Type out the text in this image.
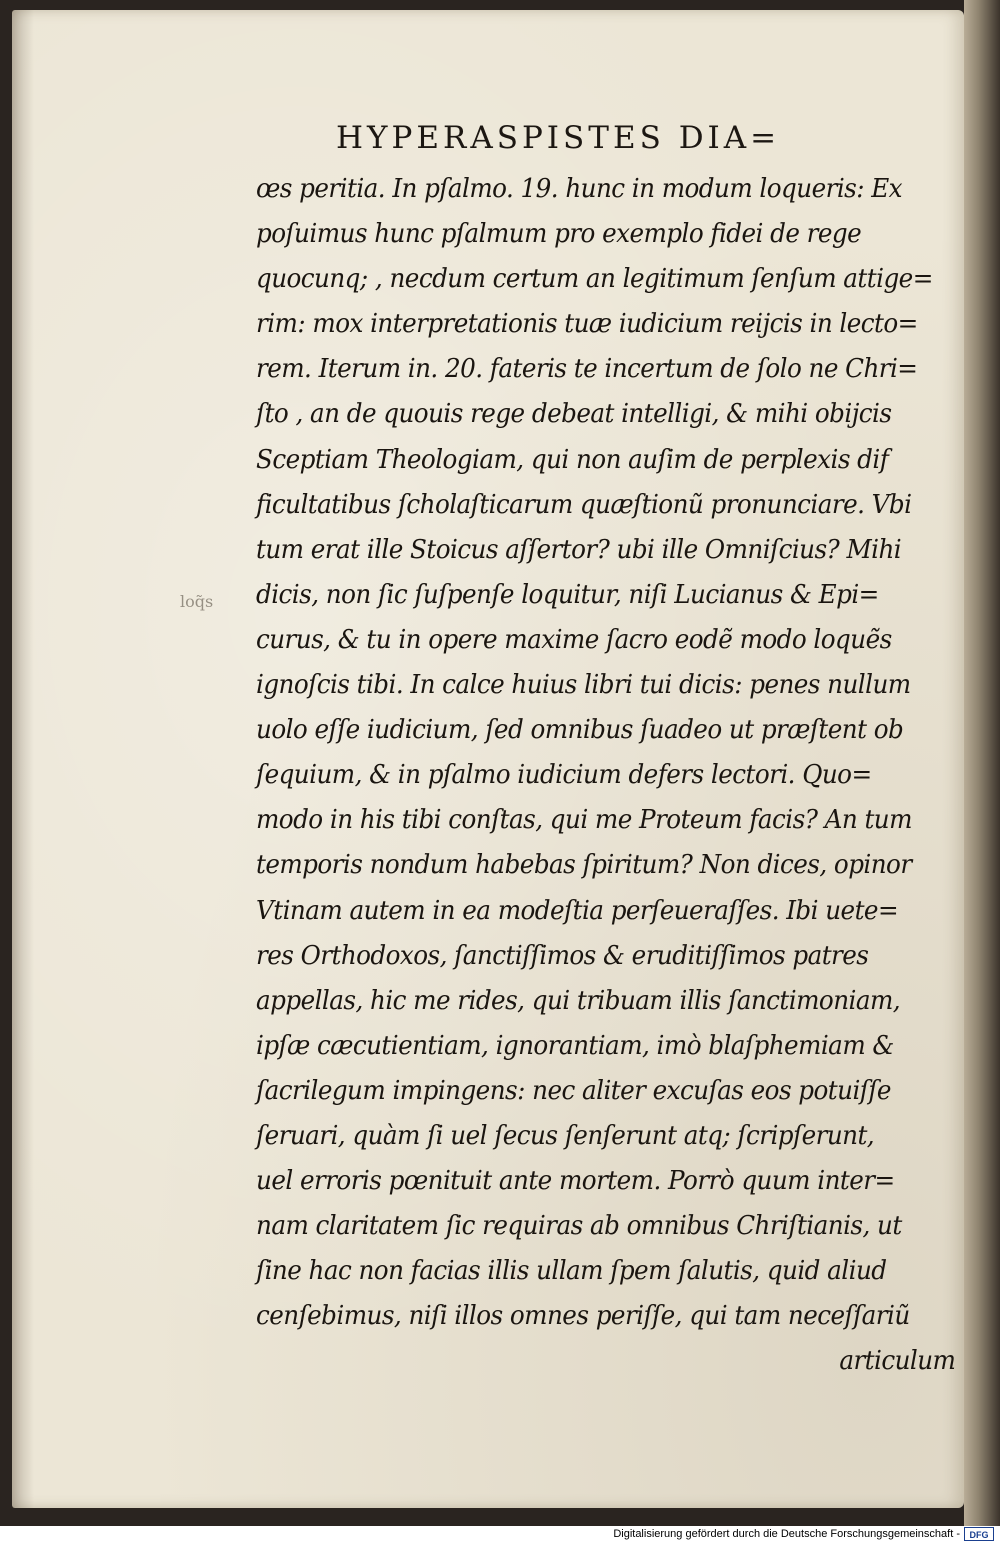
HYPERASPISTES DIA=
loq̃s
œs peritia. In pſalmo. 19. hunc in modum loqueris: Ex
poſuimus hunc pſalmum pro exemplo fidei de rege
quocunq; , necdum certum an legitimum ſenſum attige=
rim: mox interpretationis tuæ iudicium reijcis in lecto=
rem. Iterum in. 20. fateris te incertum de ſolo ne Chri=
ſto , an de quouis rege debeat intelligi, & mihi obijcis
Sceptiam Theologiam, qui non auſim de perplexis dif
ficultatibus ſcholaſticarum quæſtionũ pronunciare. Vbi
tum erat ille Stoicus aſſertor? ubi ille Omniſcius? Mihi
dicis, non ſic ſuſpenſe loquitur, niſi Lucianus & Epi=
curus, & tu in opere maxime ſacro eodẽ modo loquẽs
ignoſcis tibi. In calce huius libri tui dicis: penes nullum
uolo eſſe iudicium, ſed omnibus ſuadeo ut præſtent ob
ſequium, & in pſalmo iudicium defers lectori. Quo=
modo in his tibi conſtas, qui me Proteum facis? An tum
temporis nondum habebas ſpiritum? Non dices, opinor
Vtinam autem in ea modeſtia perſeueraſſes. Ibi uete=
res Orthodoxos, ſanctiſſimos & eruditiſſimos patres
appellas, hic me rides, qui tribuam illis ſanctimoniam,
ipſæ cæcutientiam, ignorantiam, imò blaſphemiam &
ſacrilegum impingens: nec aliter excuſas eos potuiſſe
ſeruari, quàm ſi uel ſecus ſenſerunt atq; ſcripſerunt,
uel erroris pœnituit ante mortem. Porrò quum inter=
nam claritatem ſic requiras ab omnibus Chriſtianis, ut
ſine hac non facias illis ullam ſpem ſalutis, quid aliud
cenſebimus, niſi illos omnes periſſe, qui tam neceſſariũ
articulum
Digitalisierung gefördert durch die Deutsche Forschungsgemeinschaft -	DFG
